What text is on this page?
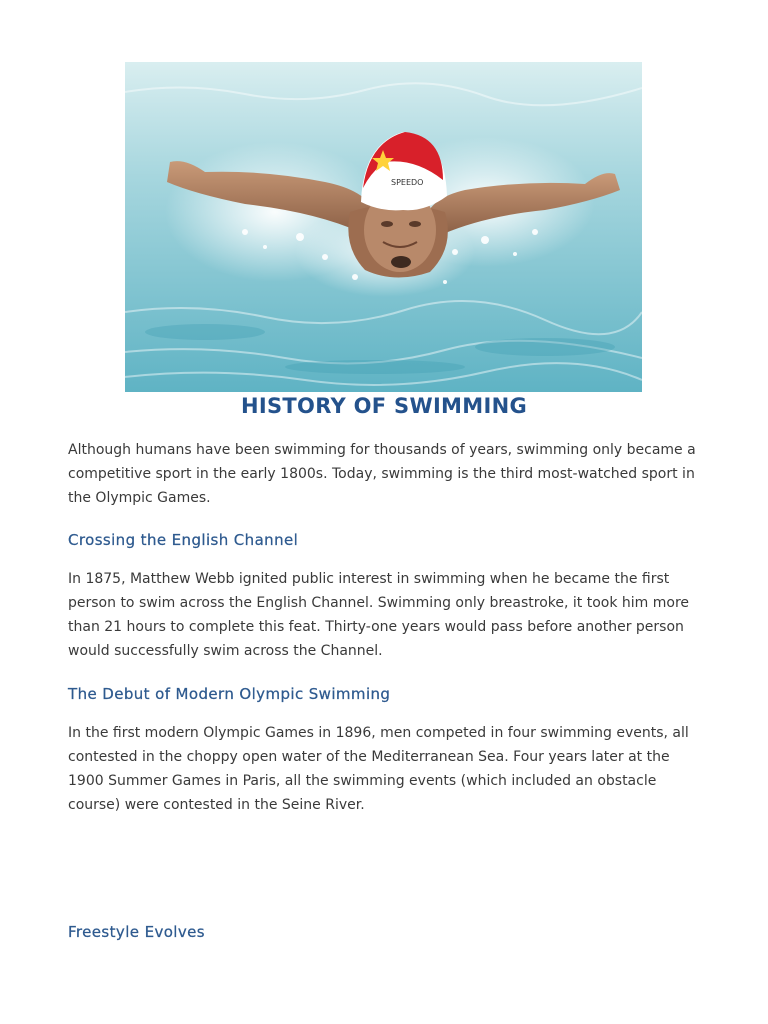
SPEEDO
HISTORY OF SWIMMING

Although humans have been swimming for thousands of years, swimming only became a competitive sport in the early 1800s. Today, swimming is the third most-watched sport in the Olympic Games.

Crossing the English Channel

In 1875, Matthew Webb ignited public interest in swimming when he became the first person to swim across the English Channel. Swimming only breastroke, it took him more than 21 hours to complete this feat. Thirty-one years would pass before another person would successfully swim across the Channel.

The Debut of Modern Olympic Swimming

In the first modern Olympic Games in 1896, men competed in four swimming events, all contested in the choppy open water of the Mediterranean Sea. Four years later at the 1900 Summer Games in Paris, all the swimming events (which included an obstacle course) were contested in the Seine River.

Freestyle Evolves
